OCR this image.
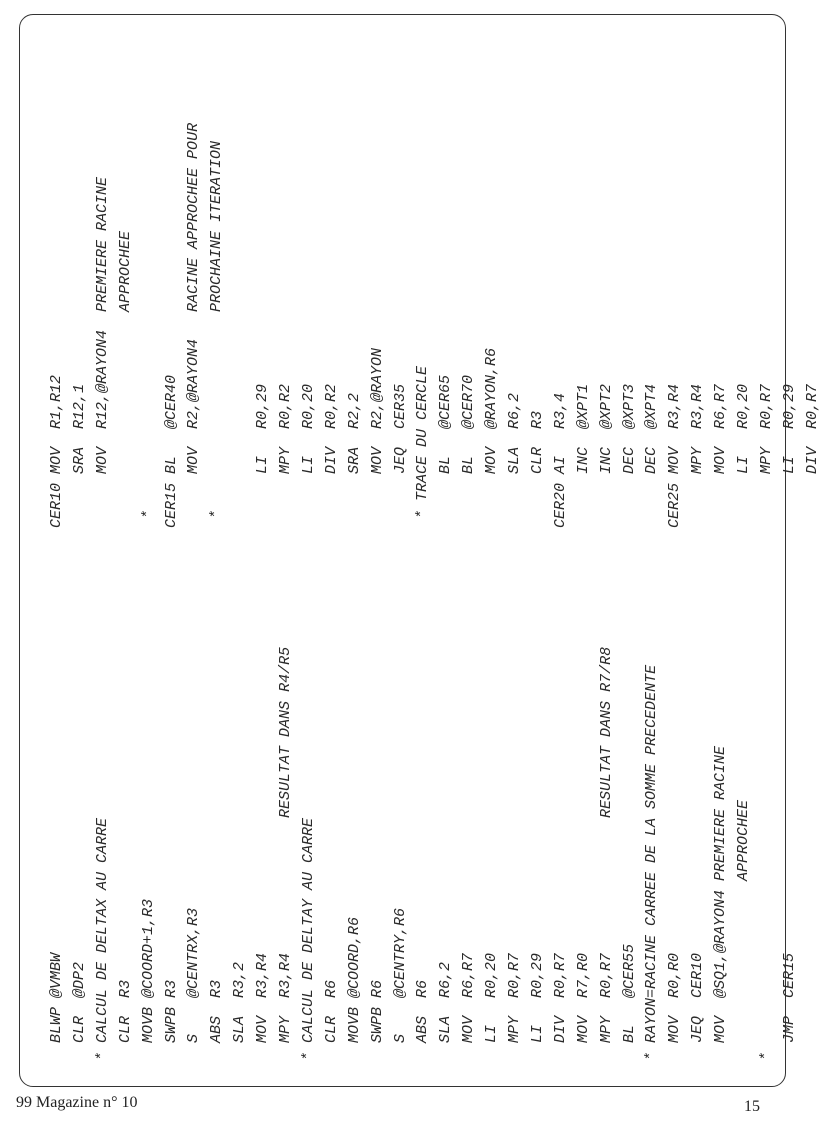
BLWP @VMBW CLR  @DP2 * CALCUL DE DELTAX AU CARRE CLR  R3 MOVB @COORD+1,R3 SWPB R3 S    @CENTRX,R3 ABS  R3 SLA  R3,2 MOV  R3,R4 MPY  R3,R4               RESULTAT DANS R4/R5 * CALCUL DE DELTAY AU CARRE CLR  R6 MOVB @COORD,R6 SWPB R6 S    @CENTRY,R6 ABS  R6 SLA  R6,2 MOV  R6,R7 LI   R0,20 MPY  R0,R7 LI   R0,29 DIV  R0,R7 MOV  R7,R0 MPY  R0,R7               RESULTAT DANS R7/R8 BL   @CER55 * RAYON=RACINE CARREE DE LA SOMME PRECEDENTE MOV  R0,R0 JEQ  CER10 MOV  @SQ1,@RAYON4 PREMIERE RACINE APPROCHEE * JMP  CER15
CER10 MOV  R1,R12 SRA  R12,1 MOV  R12,@RAYON4  PREMIERE RACINE APPROCHEE * CER15 BL   @CER40 MOV  R2,@RAYON4   RACINE APPROCHEE POUR *                      PROCHAINE ITERATION LI   R0,29 MPY  R0,R2 LI   R0,20 DIV  R0,R2 SRA  R2,2 MOV  R2,@RAYON JEQ  CER35 * TRACE DU CERCLE BL   @CER65 BL   @CER70 MOV  @RAYON,R6 SLA  R6,2 CLR  R3 CER20 AI   R3,4 INC  @XPT1 INC  @XPT2 DEC  @XPT3 DEC  @XPT4 CER25 MOV  R3,R4 MPY  R3,R4 MOV  R6,R7 LI   R0,20 MPY  R0,R7 LI   R0,29 DIV  R0,R7
99 Magazine n° 10	15
